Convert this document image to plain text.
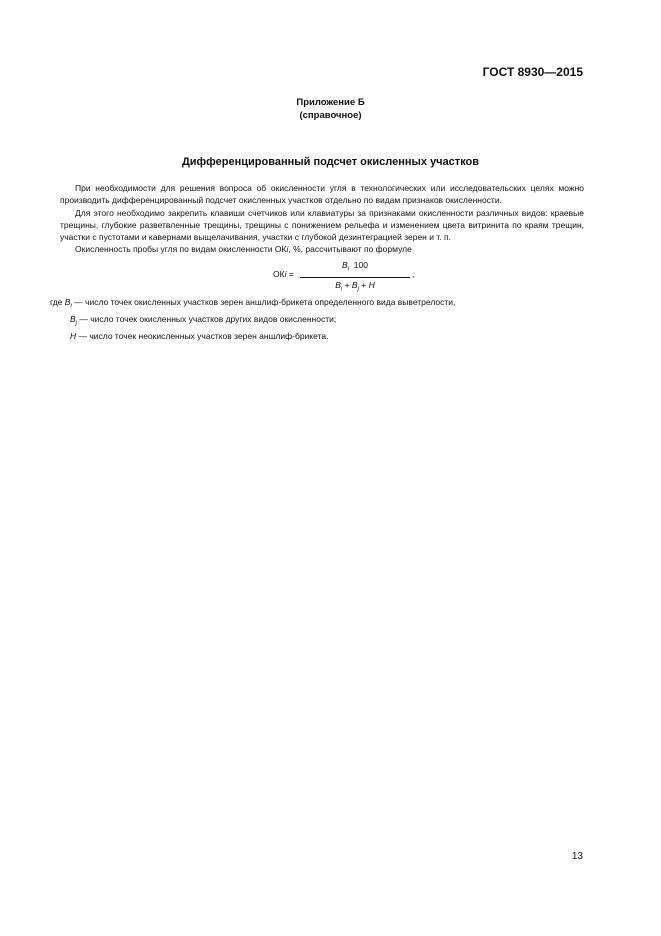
ГОСТ 8930—2015
Приложение Б
(справочное)
Дифференцированный подсчет окисленных участков

При необходимости для решения вопроса об окисленности угля в технологических или исследовательских целях можно производить дифференцированный подсчет окисленных участков отдельно по видам признаков окисленности.

Для этого необходимо закрепить клавиши счетчиков или клавиатуры за признаками окисленности различных видов: краевые трещины, глубокие разветвленные трещины, трещины с понижением рельефа и изменением цвета витринита по краям трещин, участки с пустотами и кавернами выщелачивания, участки с глубокой дезинтеграцией зерен и т. п.

Окисленность пробы угля по видам окисленности ОКi, %, рассчитывают по формуле

ОКi = $\frac{B_i 100}{B_i + B_j + H}$ ,
где $B_i$ — число точек окисленных участков зерен аншлиф-брикета определенного вида выветрелости,
$B_j$ — число точек окисленных участков других видов окисленности;
H — число точек неокисленных участков зерен аншлиф-брикета.
13
